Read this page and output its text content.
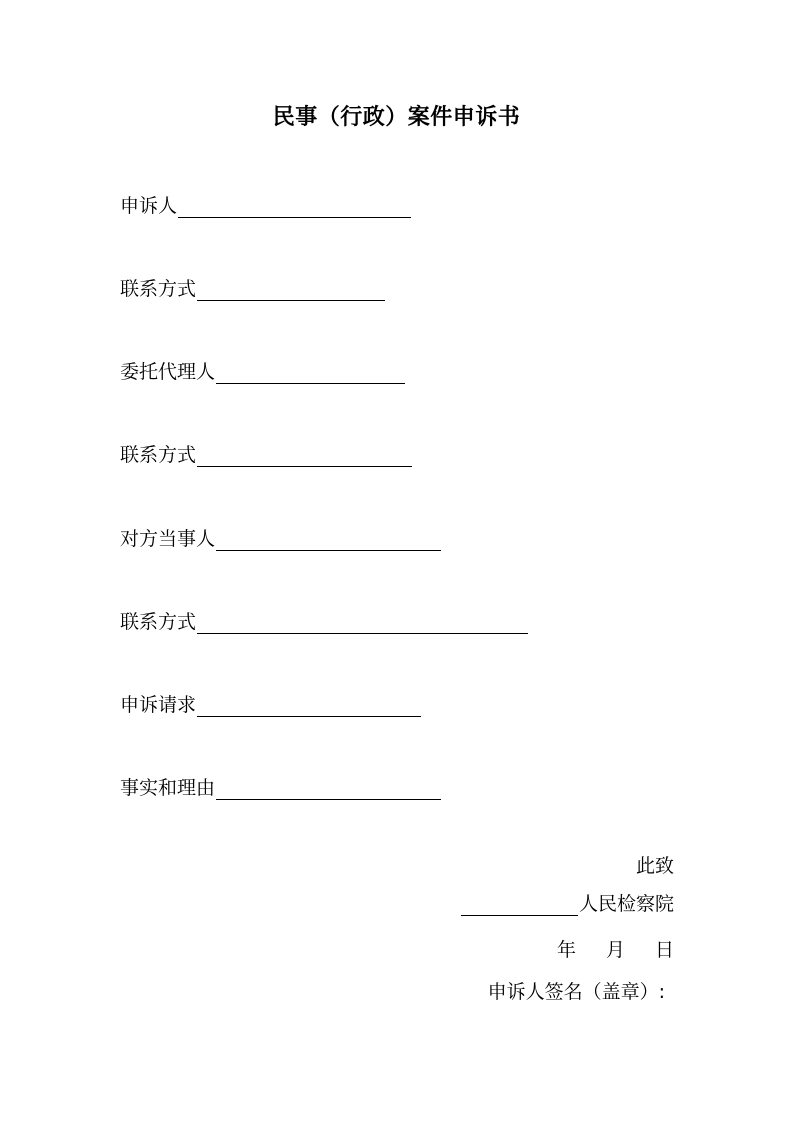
民事（行政）案件申诉书
申诉人
联系方式
委托代理人
联系方式
对方当事人
联系方式
申诉请求
事实和理由
此致
人民检察院
年 月 日
申诉人签名（盖章）:
